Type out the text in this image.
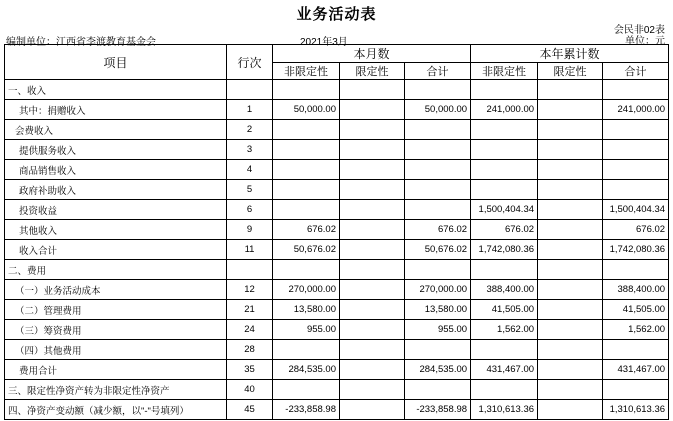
业务活动表
会民非02表
单位：元
编制单位：江西省李渡教育基金会	2021年3月
项目	行次	本月数			本年累计数		
		非限定性	限定性	合计	非限定性	限定性	合计
一、收入							
其中：捐赠收入	1	50,000.00		50,000.00	241,000.00		241,000.00
会费收入	2						
提供服务收入	3						
商品销售收入	4						
政府补助收入	5						
投资收益	6				1,500,404.34		1,500,404.34
其他收入	9	676.02		676.02	676.02		676.02
收入合计	11	50,676.02		50,676.02	1,742,080.36		1,742,080.36
二、费用							
（一）业务活动成本	12	270,000.00		270,000.00	388,400.00		388,400.00
（二）管理费用	21	13,580.00		13,580.00	41,505.00		41,505.00
（三）筹资费用	24	955.00		955.00	1,562.00		1,562.00
（四）其他费用	28						
费用合计	35	284,535.00		284,535.00	431,467.00		431,467.00
三、限定性净资产转为非限定性净资产	40						
四、净资产变动额（减少额，以"-"号填列）	45	-233,858.98		-233,858.98	1,310,613.36		1,310,613.36
